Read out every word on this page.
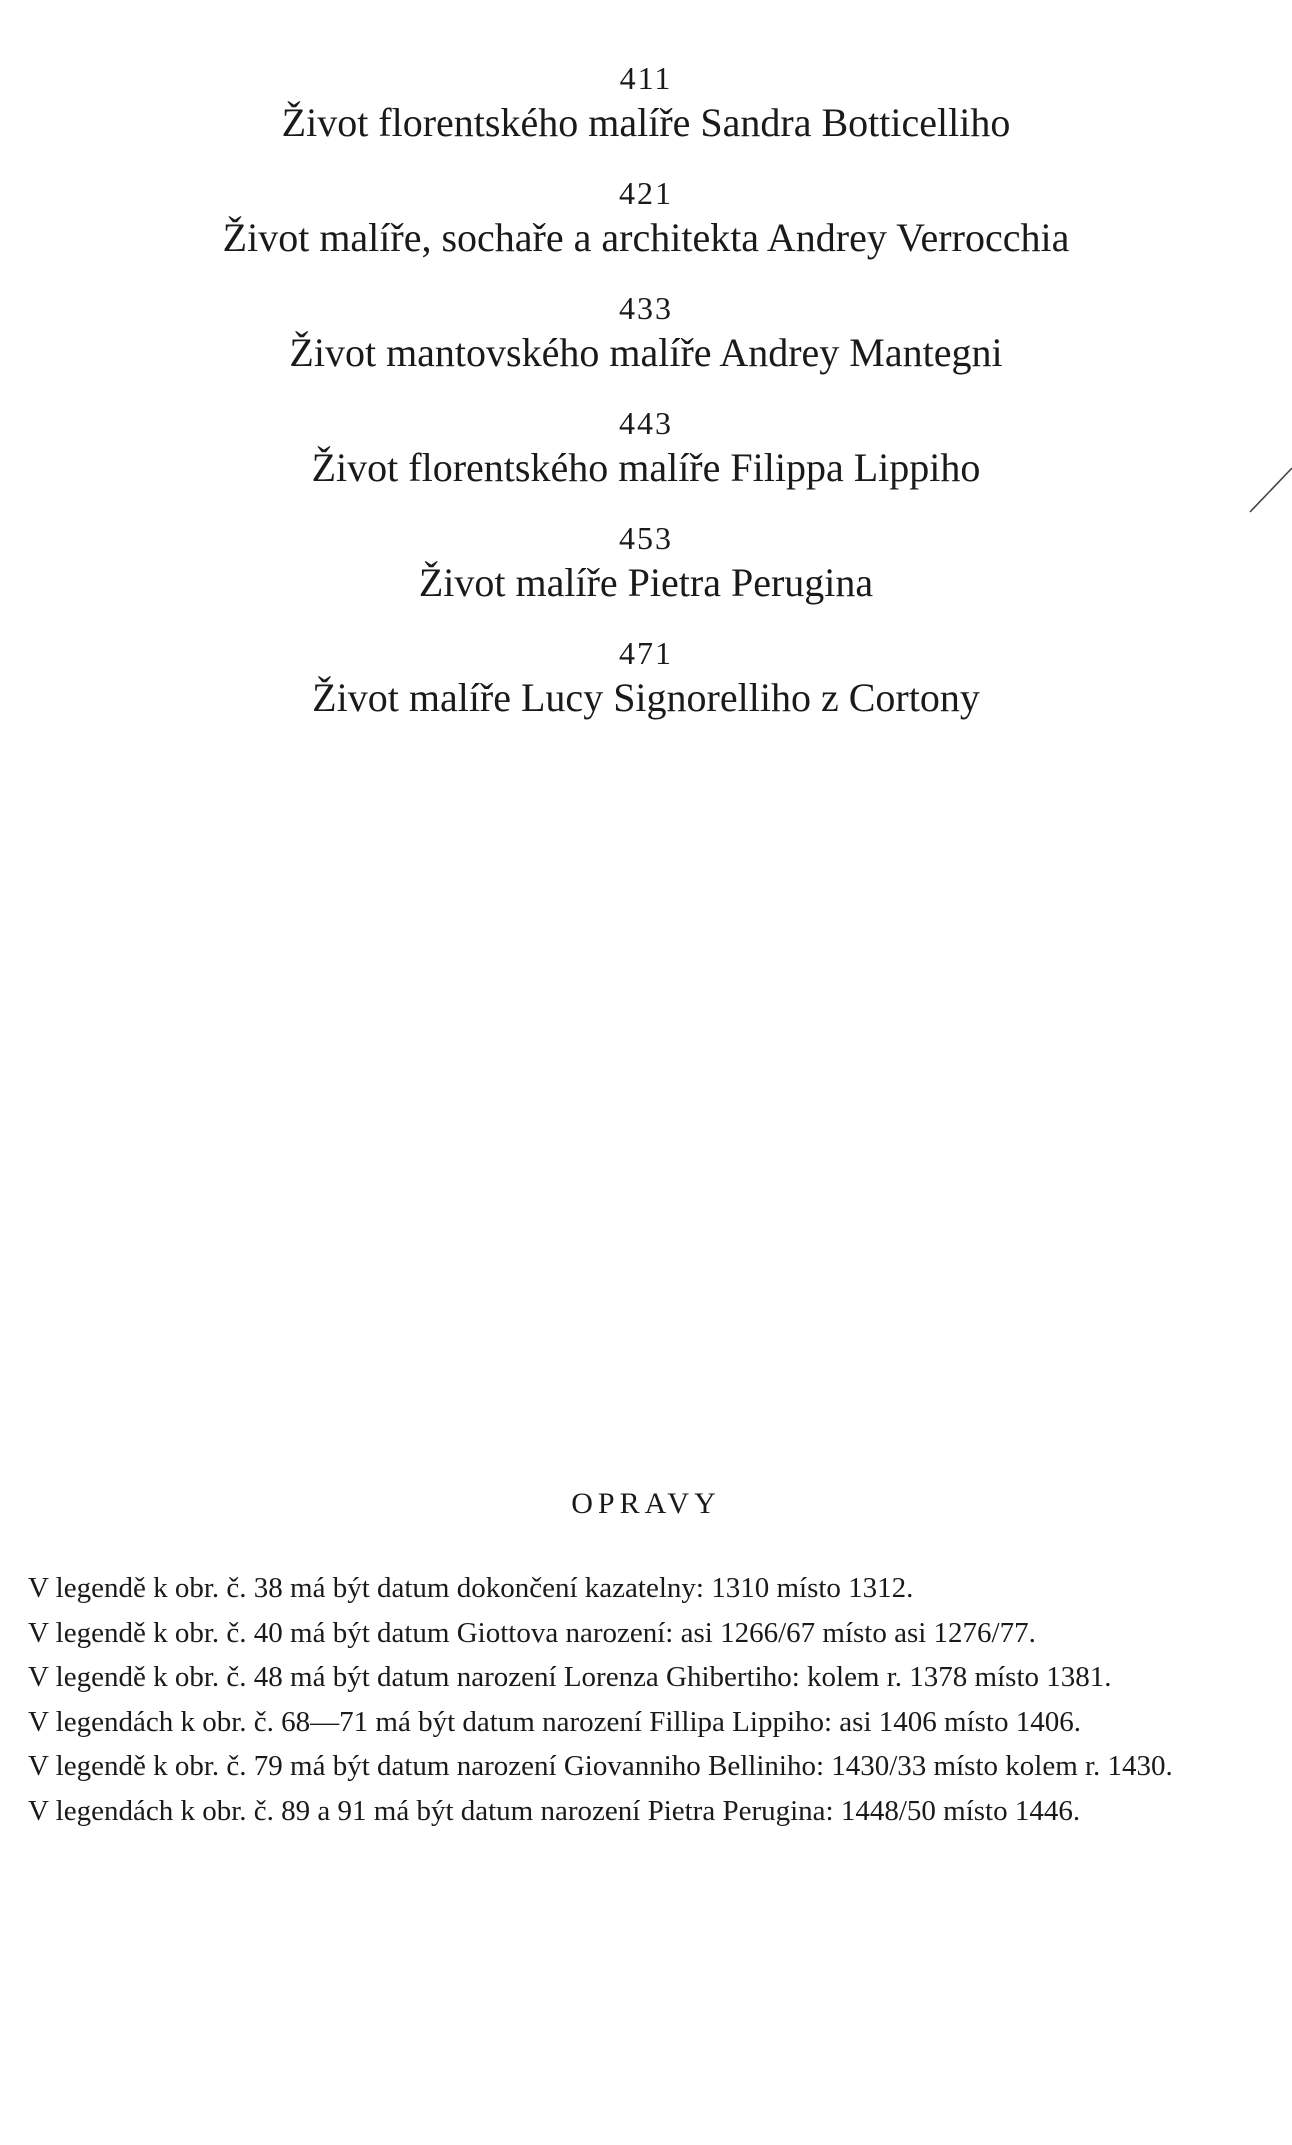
411
Život florentského malíře Sandra Botticelliho
421
Život malíře, sochaře a architekta Andrey Verrocchia
433
Život mantovského malíře Andrey Mantegni
443
Život florentského malíře Filippa Lippiho
453
Život malíře Pietra Perugina
471
Život malíře Lucy Signorelliho z Cortony
OPRAVY
V legendě k obr. č. 38 má být datum dokončení kazatelny: 1310 místo 1312.
V legendě k obr. č. 40 má být datum Giottova narození: asi 1266/67 místo asi 1276/77.
V legendě k obr. č. 48 má být datum narození Lorenza Ghibertiho: kolem r. 1378 místo 1381.
V legendách k obr. č. 68—71 má být datum narození Fillipa Lippiho: asi 1406 místo 1406.
V legendě k obr. č. 79 má být datum narození Giovanniho Belliniho: 1430/33 místo kolem r. 1430.
V legendách k obr. č. 89 a 91 má být datum narození Pietra Perugina: 1448/50 místo 1446.
